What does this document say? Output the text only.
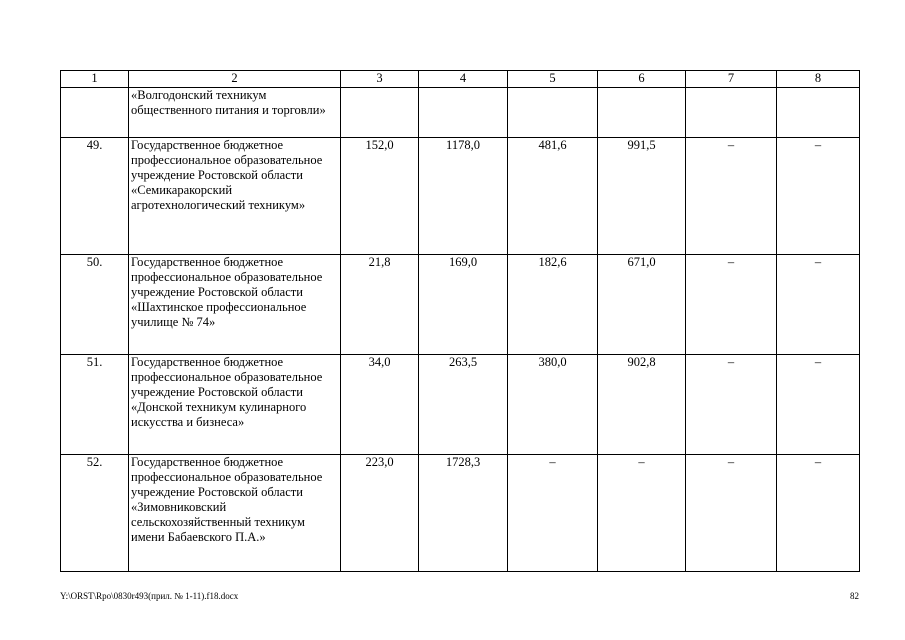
1	2	3	4	5	6	7	8
	«Волгодонский техникум общественного питания и торговли»						
49.	Государственное бюджетное профессиональное образовательное учреждение Ростовской области «Семикаракорский агротехнологический техникум»	152,0	1178,0	481,6	991,5	–	–
50.	Государственное бюджетное профессиональное образовательное учреждение Ростовской области «Шахтинское профессиональное училище № 74»	21,8	169,0	182,6	671,0	–	–
51.	Государственное бюджетное профессиональное образовательное учреждение Ростовской области «Донской техникум кулинарного искусства и бизнеса»	34,0	263,5	380,0	902,8	–	–
52.	Государственное бюджетное профессиональное образовательное учреждение Ростовской области «Зимовниковский сельскохозяйственный техникум имени Бабаевского П.А.»	223,0	1728,3	–	–	–	–
Y:\ORST\Rpo\0830r493(прил. № 1-11).f18.docx	82
